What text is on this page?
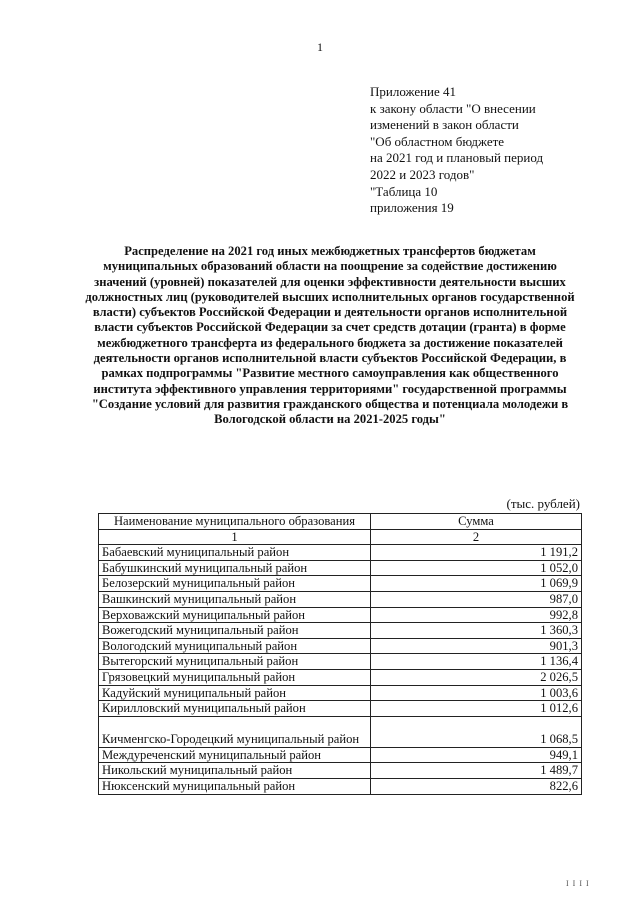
1
Приложение 41
к закону области "О внесении
изменений в закон области
"Об областном бюджете
на 2021 год и плановый период
2022 и 2023 годов"
"Таблица 10
приложения 19
Распределение на 2021 год иных межбюджетных трансфертов бюджетам муниципальных образований области на поощрение за содействие достижению значений (уровней) показателей для оценки эффективности деятельности высших должностных лиц (руководителей высших исполнительных органов государственной власти) субъектов Российской Федерации и деятельности органов исполнительной власти субъектов Российской Федерации за счет средств дотации (гранта) в форме межбюджетного трансферта из федерального бюджета за достижение показателей деятельности органов исполнительной власти субъектов Российской Федерации, в рамках подпрограммы "Развитие местного самоуправления как общественного института эффективного управления территориями" государственной программы "Создание условий для развития гражданского общества и потенциала молодежи в Вологодской области на 2021-2025 годы"
(тыс. рублей)
Наименование муниципального образования	Сумма
1	2
Бабаевский муниципальный район	1 191,2
Бабушкинский муниципальный район	1 052,0
Белозерский муниципальный район	1 069,9
Вашкинский муниципальный район	987,0
Верховажский муниципальный район	992,8
Вожегодский муниципальный район	1 360,3
Вологодский муниципальный район	901,3
Вытегорский муниципальный район	1 136,4
Грязовецкий муниципальный район	2 026,5
Кадуйский муниципальный район	1 003,6
Кирилловский муниципальный район	1 012,6
Кичменгско-Городецкий муниципальный район	1 068,5
Междуреченский муниципальный район	949,1
Никольский муниципальный район	1 489,7
Нюксенский муниципальный район	822,6
I I I I
